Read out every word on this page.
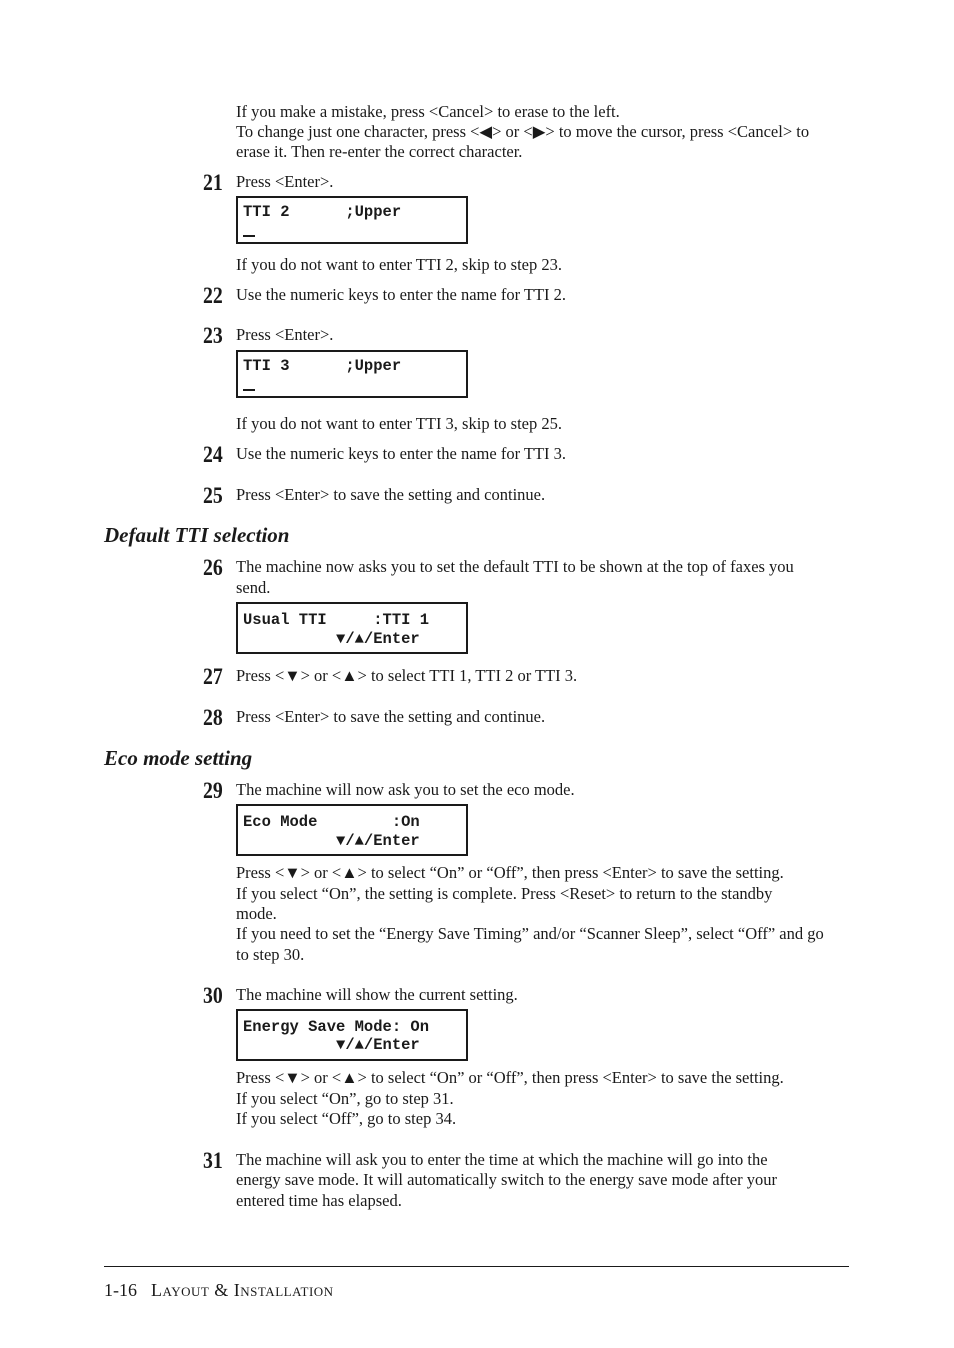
If you make a mistake, press <Cancel> to erase to the left.
To change just one character, press <◀> or <▶> to move the cursor, press <Cancel> to
erase it. Then re-enter the correct character.
21 Press <Enter>.
TTI 2      ;Upper
If you do not want to enter TTI 2, skip to step 23.
22 Use the numeric keys to enter the name for TTI 2.
23 Press <Enter>.
TTI 3      ;Upper
If you do not want to enter TTI 3, skip to step 25.
24 Use the numeric keys to enter the name for TTI 3.
25 Press <Enter> to save the setting and continue.
Default TTI selection
26 The machine now asks you to set the default TTI to be shown at the top of faxes you
send.
Usual TTI     :TTI 1
▼/▲/Enter
27 Press <▼> or <▲> to select TTI 1, TTI 2 or TTI 3.
28 Press <Enter> to save the setting and continue.
Eco mode setting
29 The machine will now ask you to set the eco mode.
Eco Mode        :On
▼/▲/Enter
Press <▼> or <▲> to select “On” or “Off”, then press <Enter> to save the setting.
If you select “On”, the setting is complete. Press <Reset> to return to the standby
mode.
If you need to set the “Energy Save Timing” and/or “Scanner Sleep”, select “Off” and go
to step 30.
30 The machine will show the current setting.
Energy Save Mode: On
▼/▲/Enter
Press <▼> or <▲> to select “On” or “Off”, then press <Enter> to save the setting.
If you select “On”, go to step 31.
If you select “Off”, go to step 34.
31 The machine will ask you to enter the time at which the machine will go into the
energy save mode. It will automatically switch to the energy save mode after your
entered time has elapsed.
1-16 Layout & Installation
